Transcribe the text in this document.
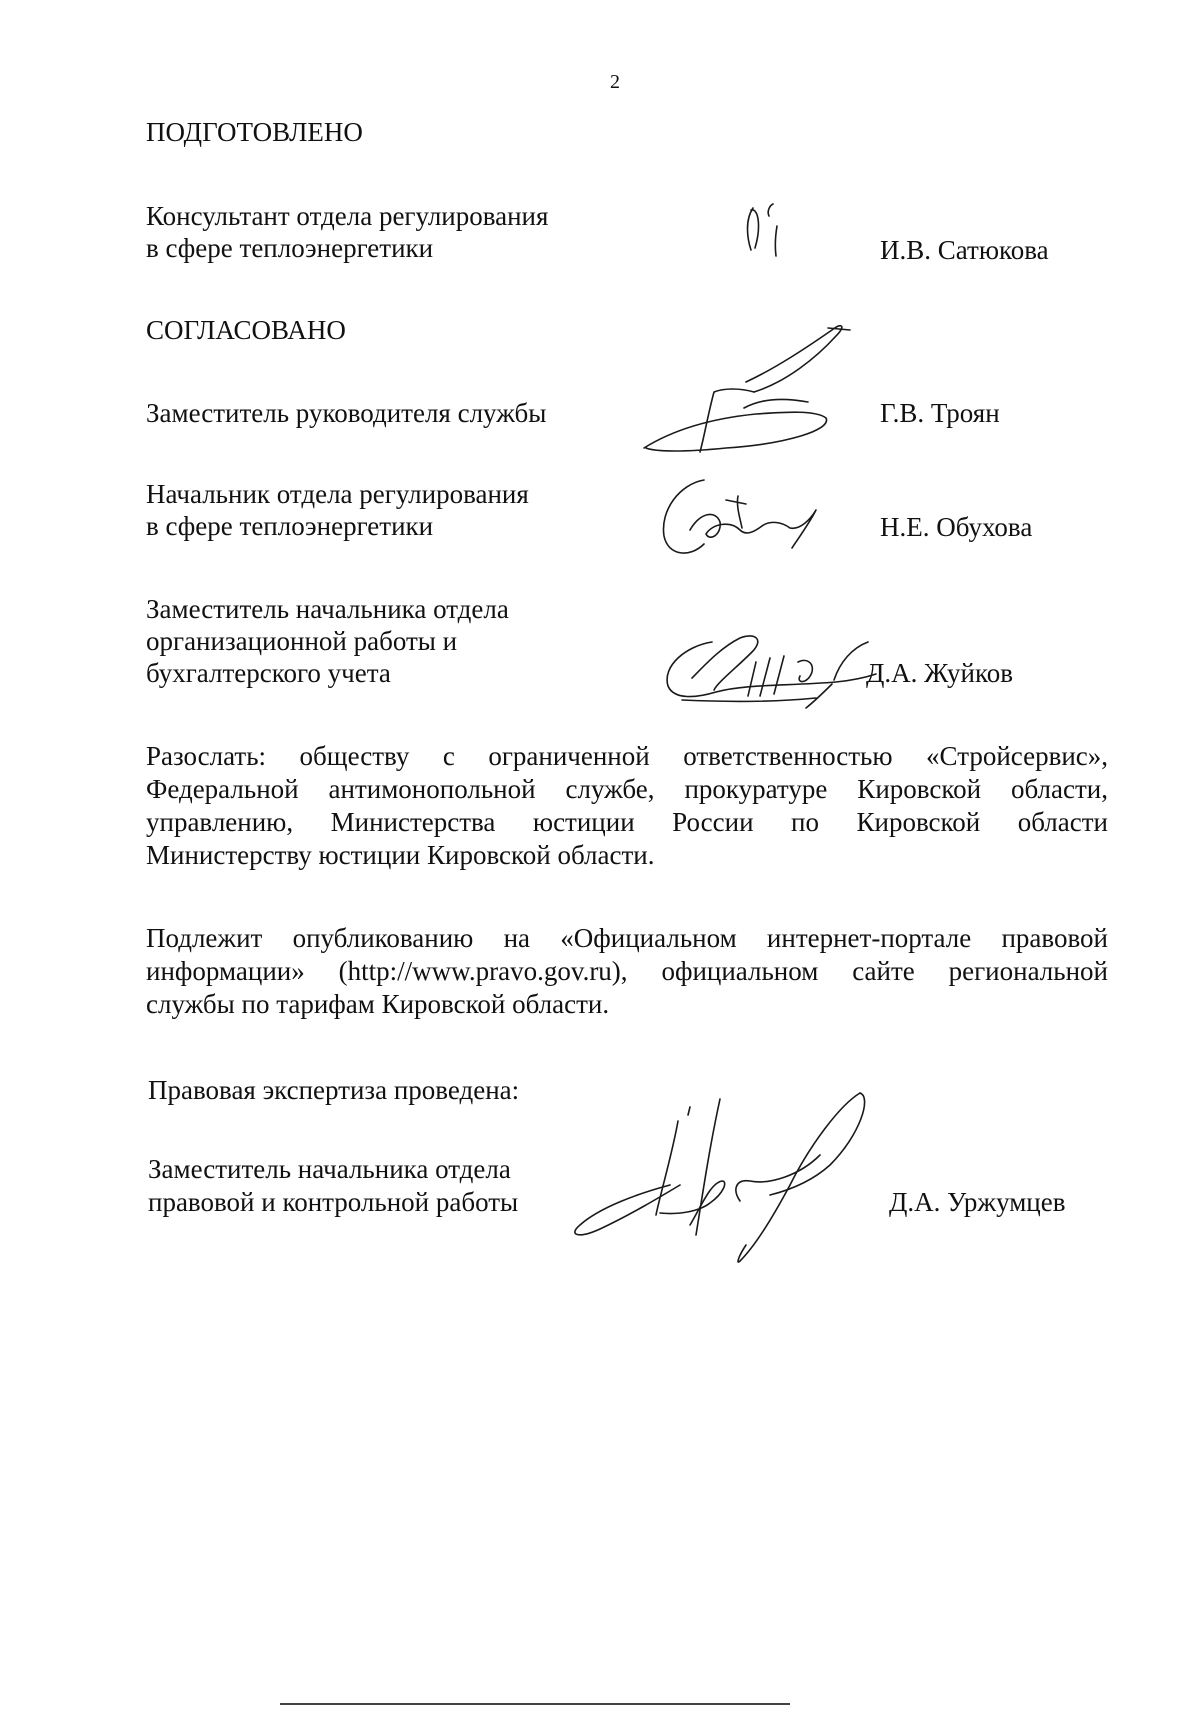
2
ПОДГОТОВЛЕНО
Консультант отдела регулирования
в сфере теплоэнергетики	И.В. Сатюкова
СОГЛАСОВАНО
Заместитель руководителя службы	Г.В. Троян
Начальник отдела регулирования
в сфере теплоэнергетики	Н.Е. Обухова
Заместитель начальника отдела
организационной работы и
бухгалтерского учета	Д.А. Жуйков
Разослать: обществу с ограниченной ответственностью «Стройсервис»,
Федеральной антимонопольной службе, прокуратуре Кировской области,
управлению, Министерства юстиции России по Кировской области
Министерству юстиции Кировской области.
Подлежит опубликованию на «Официальном интернет-портале правовой
информации» (http://www.pravo.gov.ru), официальном сайте региональной
службы по тарифам Кировской области.
Правовая экспертиза проведена:
Заместитель начальника отдела
правовой и контрольной работы	Д.А. Уржумцев
